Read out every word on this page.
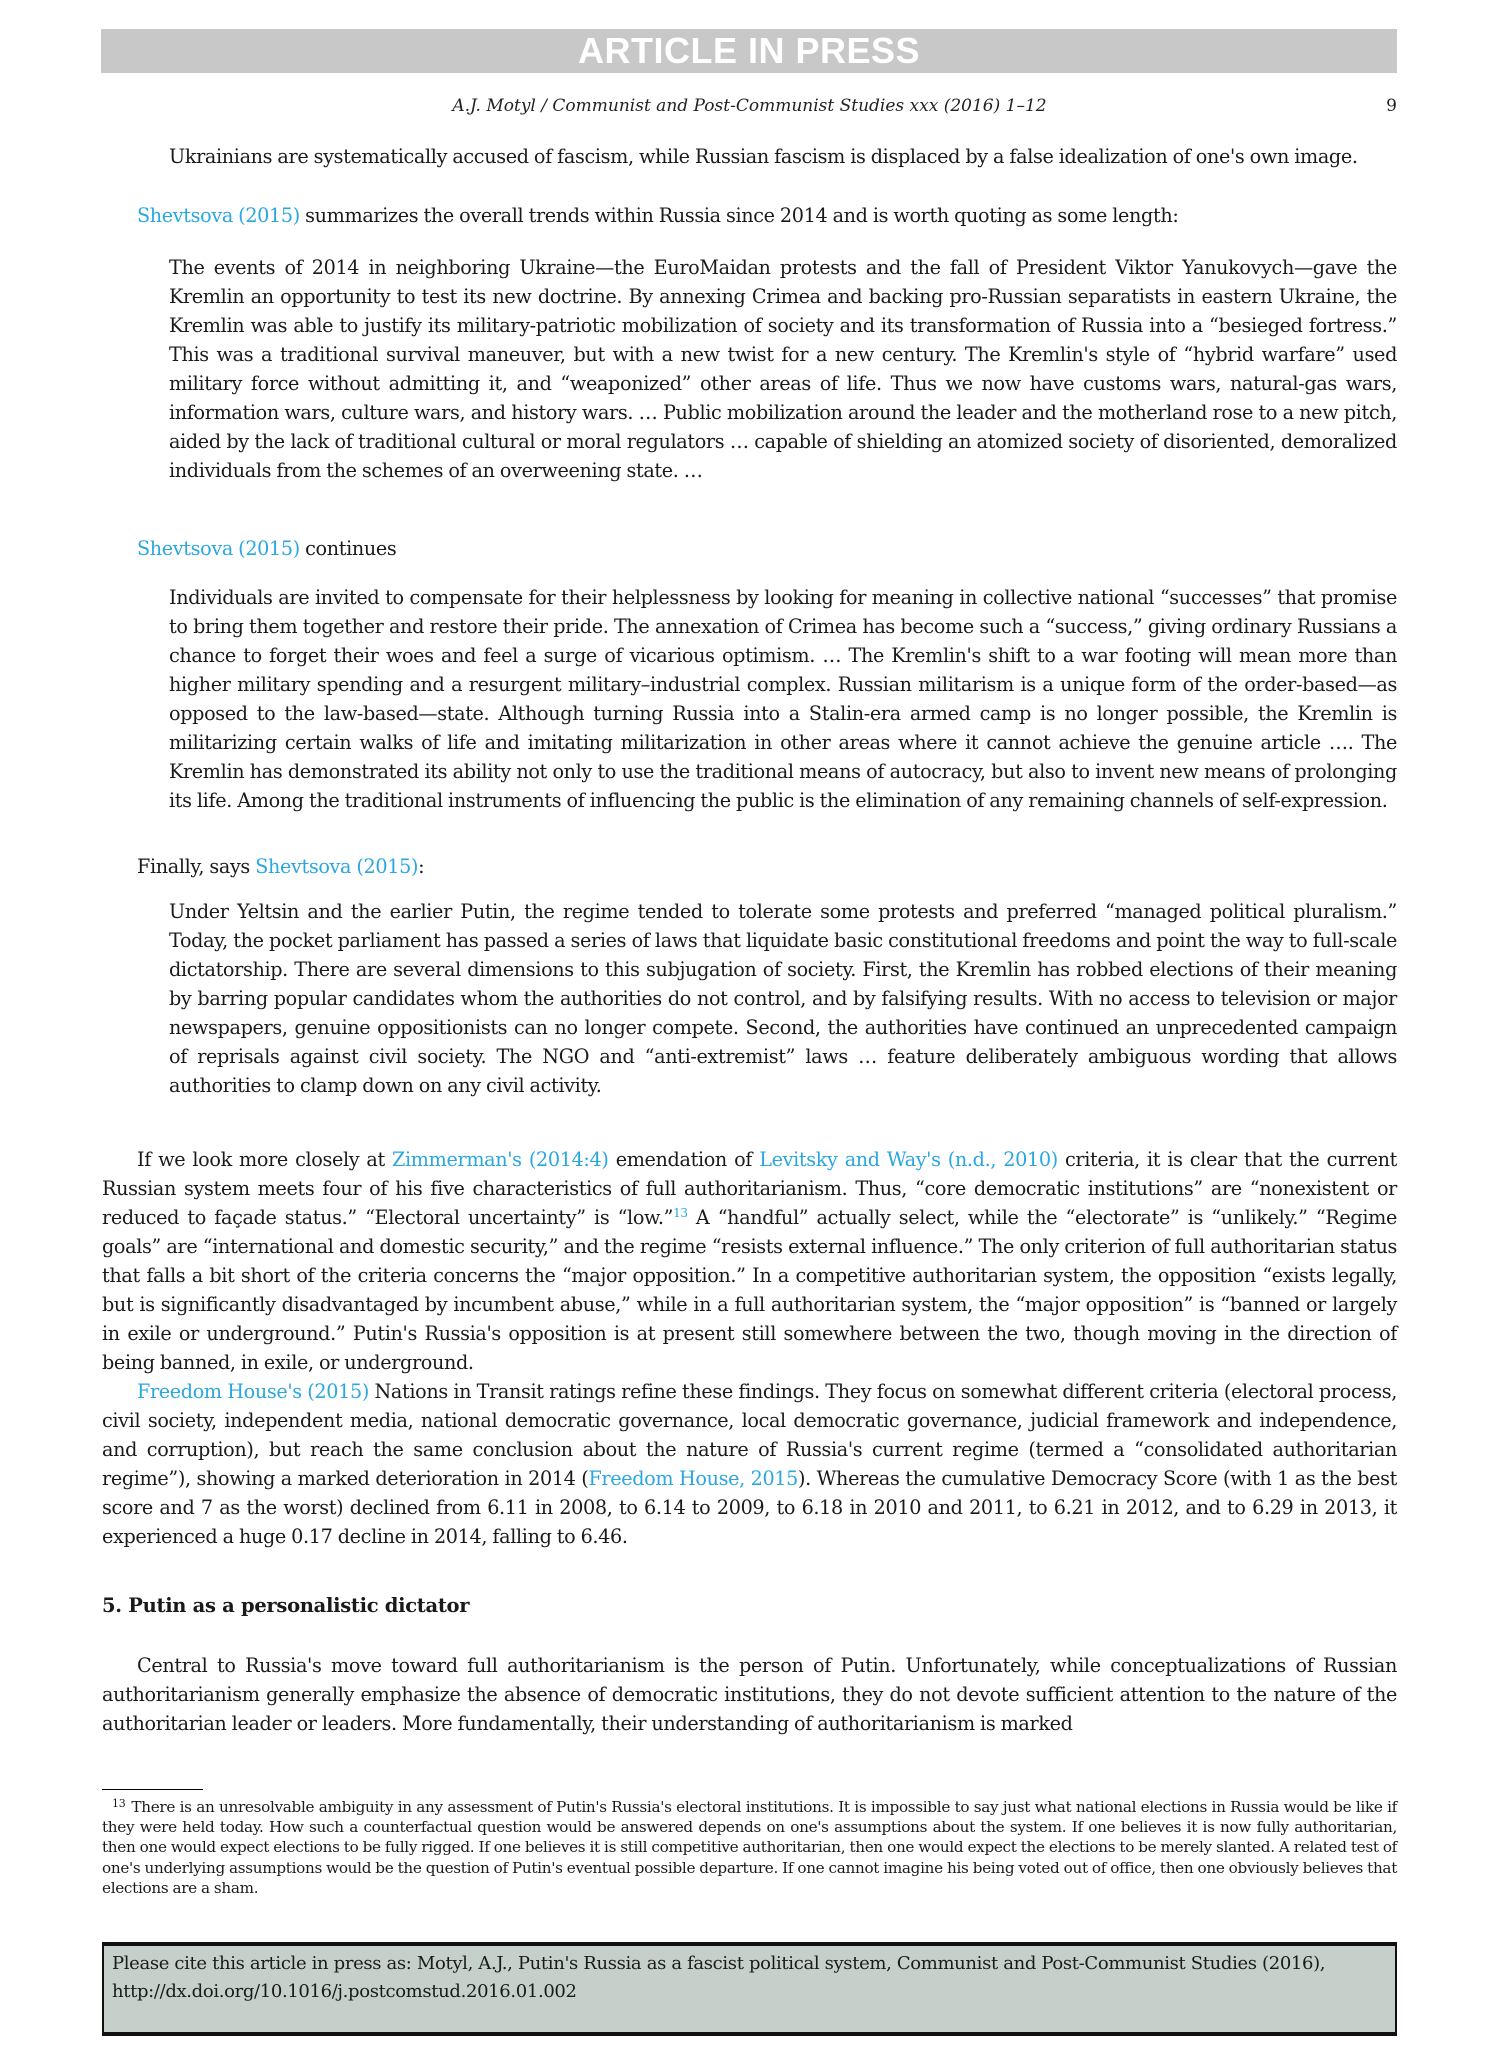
ARTICLE IN PRESS
A.J. Motyl / Communist and Post-Communist Studies xxx (2016) 1–12	9
Ukrainians are systematically accused of fascism, while Russian fascism is displaced by a false idealization of one's own image.
Shevtsova (2015) summarizes the overall trends within Russia since 2014 and is worth quoting as some length:
The events of 2014 in neighboring Ukraine—the EuroMaidan protests and the fall of President Viktor Yanukovych—gave the Kremlin an opportunity to test its new doctrine. By annexing Crimea and backing pro-Russian separatists in eastern Ukraine, the Kremlin was able to justify its military-patriotic mobilization of society and its transformation of Russia into a “besieged fortress.” This was a traditional survival maneuver, but with a new twist for a new century. The Kremlin's style of “hybrid warfare” used military force without admitting it, and “weaponized” other areas of life. Thus we now have customs wars, natural-gas wars, information wars, culture wars, and history wars. … Public mobilization around the leader and the motherland rose to a new pitch, aided by the lack of traditional cultural or moral regulators … capable of shielding an atomized society of disoriented, demoralized individuals from the schemes of an overweening state. …
Shevtsova (2015) continues
Individuals are invited to compensate for their helplessness by looking for meaning in collective national “successes” that promise to bring them together and restore their pride. The annexation of Crimea has become such a “success,” giving ordinary Russians a chance to forget their woes and feel a surge of vicarious optimism. … The Kremlin's shift to a war footing will mean more than higher military spending and a resurgent military–industrial complex. Russian militarism is a unique form of the order-based—as opposed to the law-based—state. Although turning Russia into a Stalin-era armed camp is no longer possible, the Kremlin is militarizing certain walks of life and imitating militarization in other areas where it cannot achieve the genuine article …. The Kremlin has demonstrated its ability not only to use the traditional means of autocracy, but also to invent new means of prolonging its life. Among the traditional instruments of influencing the public is the elimination of any remaining channels of self-expression.
Finally, says Shevtsova (2015):
Under Yeltsin and the earlier Putin, the regime tended to tolerate some protests and preferred “managed political pluralism.” Today, the pocket parliament has passed a series of laws that liquidate basic constitutional freedoms and point the way to full-scale dictatorship. There are several dimensions to this subjugation of society. First, the Kremlin has robbed elections of their meaning by barring popular candidates whom the authorities do not control, and by falsifying results. With no access to television or major newspapers, genuine oppositionists can no longer compete. Second, the authorities have continued an unprecedented campaign of reprisals against civil society. The NGO and “anti-extremist” laws … feature deliberately ambiguous wording that allows authorities to clamp down on any civil activity.
If we look more closely at Zimmerman's (2014:4) emendation of Levitsky and Way's (n.d., 2010) criteria, it is clear that the current Russian system meets four of his five characteristics of full authoritarianism. Thus, “core democratic institutions” are “nonexistent or reduced to façade status.” “Electoral uncertainty” is “low.”$^{13}$ A “handful” actually select, while the “electorate” is “unlikely.” “Regime goals” are “international and domestic security,” and the regime “resists external influence.” The only criterion of full authoritarian status that falls a bit short of the criteria concerns the “major opposition.” In a competitive authoritarian system, the opposition “exists legally, but is significantly disadvantaged by incumbent abuse,” while in a full authoritarian system, the “major opposition” is “banned or largely in exile or underground.” Putin's Russia's opposition is at present still somewhere between the two, though moving in the direction of being banned, in exile, or underground.
Freedom House's (2015) Nations in Transit ratings refine these findings. They focus on somewhat different criteria (electoral process, civil society, independent media, national democratic governance, local democratic governance, judicial framework and independence, and corruption), but reach the same conclusion about the nature of Russia's current regime (termed a “consolidated authoritarian regime”), showing a marked deterioration in 2014 (Freedom House, 2015). Whereas the cumulative Democracy Score (with 1 as the best score and 7 as the worst) declined from 6.11 in 2008, to 6.14 to 2009, to 6.18 in 2010 and 2011, to 6.21 in 2012, and to 6.29 in 2013, it experienced a huge 0.17 decline in 2014, falling to 6.46.
5. Putin as a personalistic dictator
Central to Russia's move toward full authoritarianism is the person of Putin. Unfortunately, while conceptualizations of Russian authoritarianism generally emphasize the absence of democratic institutions, they do not devote sufficient attention to the nature of the authoritarian leader or leaders. More fundamentally, their understanding of authoritarianism is marked
$^{13}$ There is an unresolvable ambiguity in any assessment of Putin's Russia's electoral institutions. It is impossible to say just what national elections in Russia would be like if they were held today. How such a counterfactual question would be answered depends on one's assumptions about the system. If one believes it is now fully authoritarian, then one would expect elections to be fully rigged. If one believes it is still competitive authoritarian, then one would expect the elections to be merely slanted. A related test of one's underlying assumptions would be the question of Putin's eventual possible departure. If one cannot imagine his being voted out of office, then one obviously believes that elections are a sham.
Please cite this article in press as: Motyl, A.J., Putin's Russia as a fascist political system, Communist and Post-Communist Studies (2016), http://dx.doi.org/10.1016/j.postcomstud.2016.01.002
